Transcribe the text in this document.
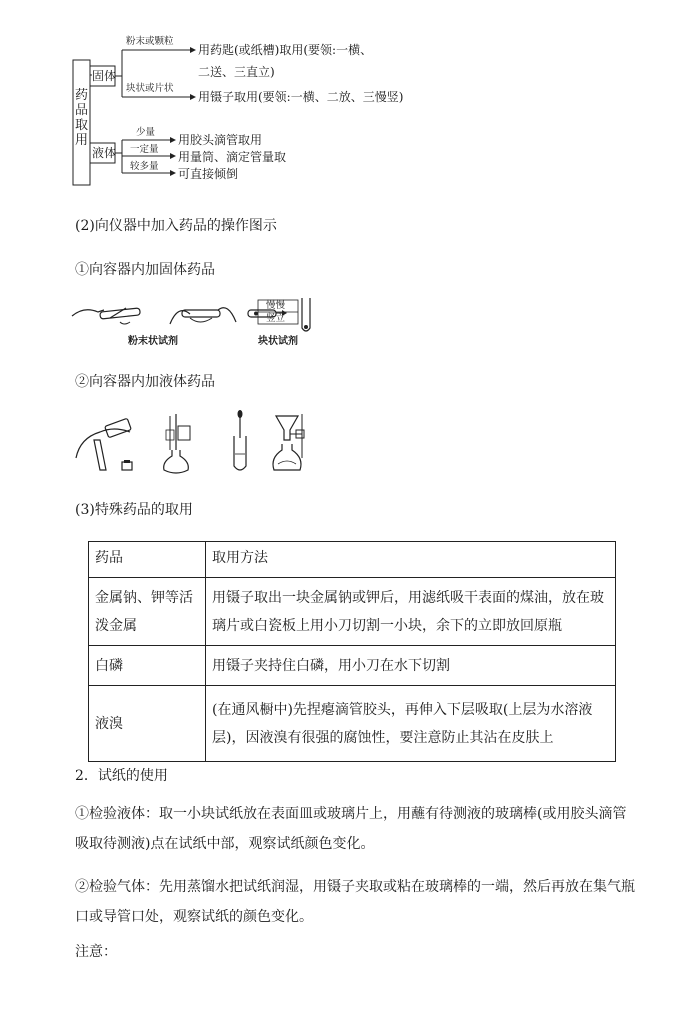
药品取用
固体
粉末或颗粒
用药匙(或纸槽)取用(要领:一横、
二送、三直立)
块状或片状
用镊子取用(要领:一横、二放、三慢竖)
液体
少量
用胶头滴管取用
一定量
用量筒、滴定管量取
较多量
可直接倾倒
(2)向仪器中加入药品的操作图示
①向容器内加固体药品
慢慢
竖立
粉末状试剂	块状试剂
②向容器内加液体药品
(3)特殊药品的取用
药品	取用方法
金属钠、钾等活泼金属	用镊子取出一块金属钠或钾后，用滤纸吸干表面的煤油，放在玻璃片或白瓷板上用小刀切割一小块，余下的立即放回原瓶
白磷	用镊子夹持住白磷，用小刀在水下切割
液溴	(在通风橱中)先捏瘪滴管胶头，再伸入下层吸取(上层为水溶液层)，因液溴有很强的腐蚀性，要注意防止其沾在皮肤上
2．试纸的使用
①检验液体：取一小块试纸放在表面皿或玻璃片上，用蘸有待测液的玻璃棒(或用胶头滴管吸取待测液)点在试纸中部，观察试纸颜色变化。
②检验气体：先用蒸馏水把试纸润湿，用镊子夹取或粘在玻璃棒的一端，然后再放在集气瓶口或导管口处，观察试纸的颜色变化。
注意：
